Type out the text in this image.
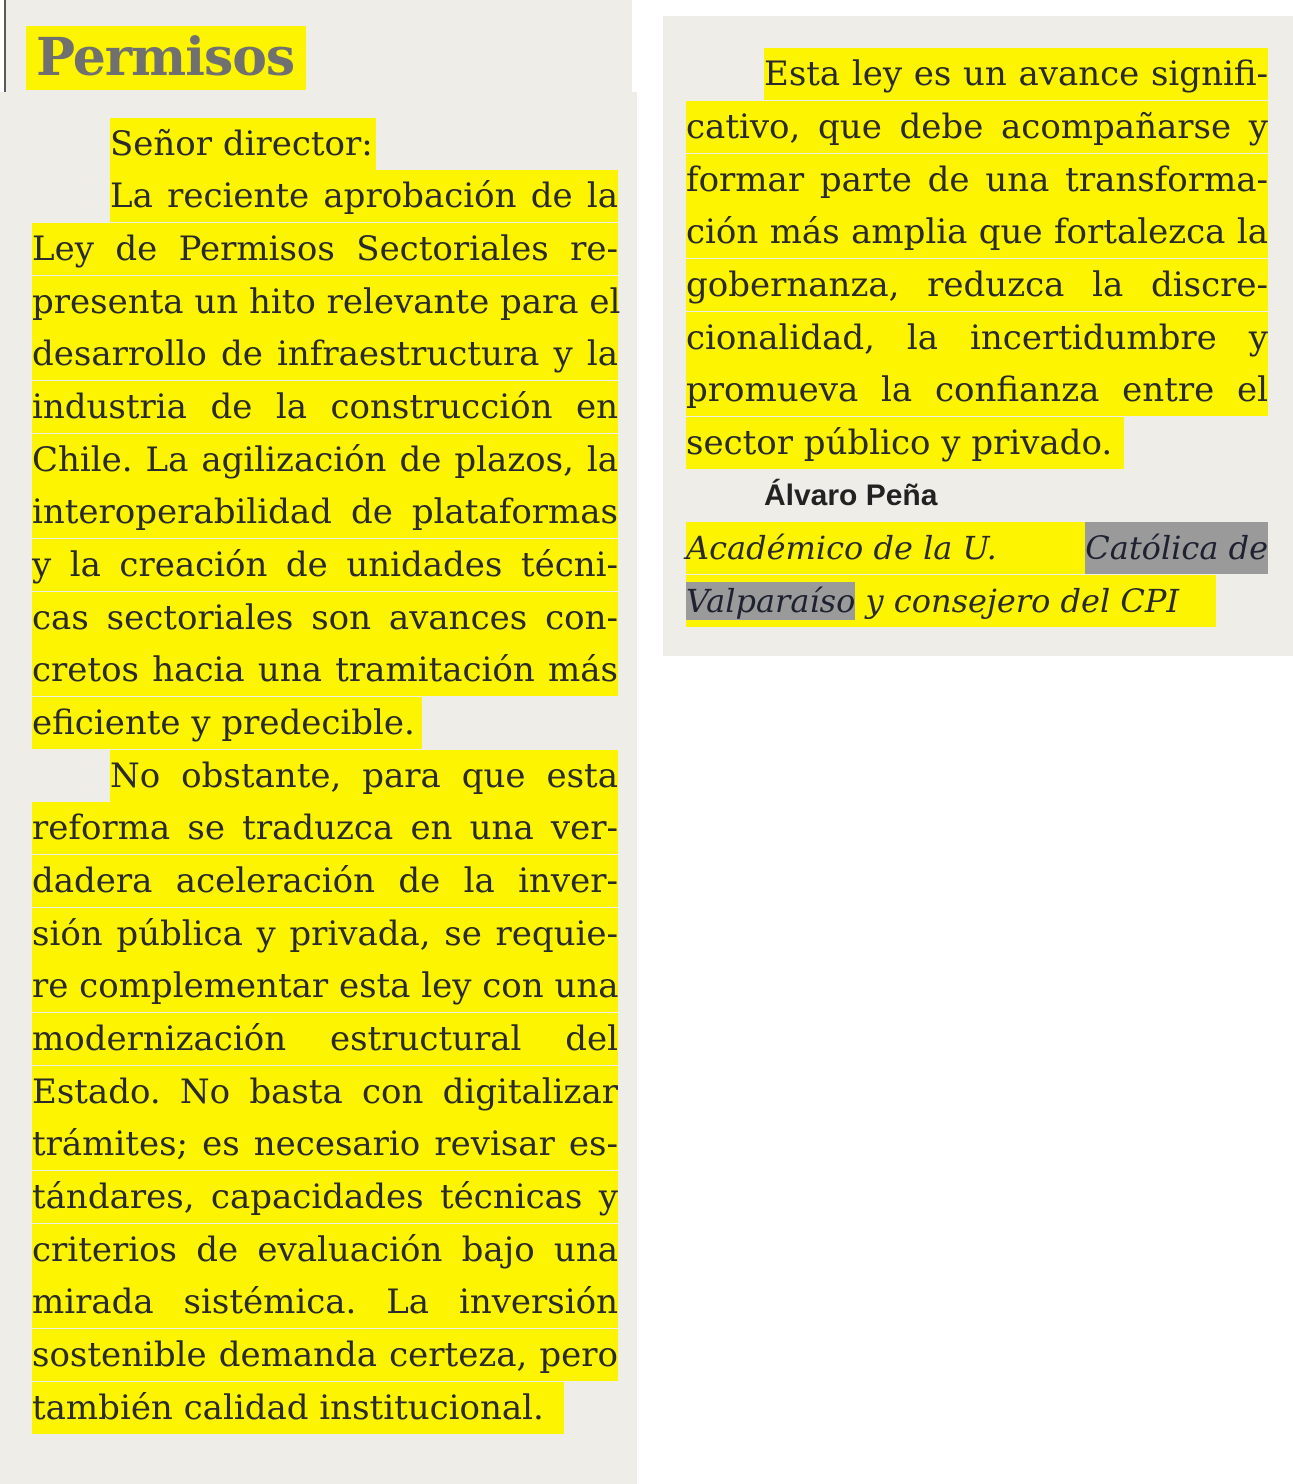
Permisos
Señor director:
La reciente aprobación de la
Ley de Permisos Sectoriales re-
presenta un hito relevante para el
desarrollo de infraestructura y la
industria de la construcción en
Chile. La agilización de plazos, la
interoperabilidad de plataformas
y la creación de unidades técni-
cas sectoriales son avances con-
cretos hacia una tramitación más
eficiente y predecible.
No obstante, para que esta
reforma se traduzca en una ver-
dadera aceleración de la inver-
sión pública y privada, se requie-
re complementar esta ley con una
modernización estructural del
Estado. No basta con digitalizar
trámites; es necesario revisar es-
tándares, capacidades técnicas y
criterios de evaluación bajo una
mirada sistémica. La inversión
sostenible demanda certeza, pero
también calidad institucional.
Esta ley es un avance signifi-
cativo, que debe acompañarse y
formar parte de una transforma-
ción más amplia que fortalezca la
gobernanza, reduzca la discre-
cionalidad, la incertidumbre y
promueva la confianza entre el
sector público y privado.
Álvaro Peña
Académico de la U.	Católica de
Valparaíso y consejero del CPI
